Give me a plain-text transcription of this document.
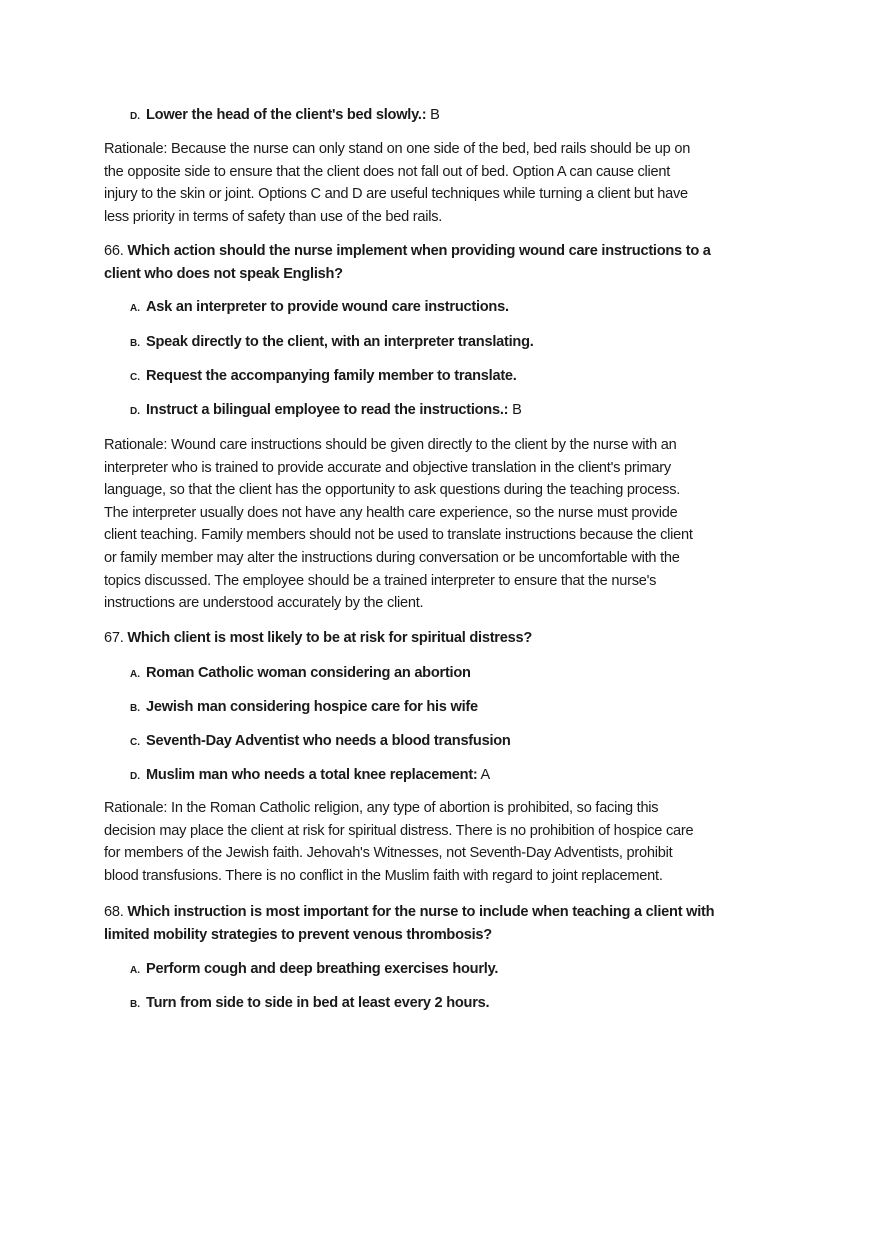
D. Lower the head of the client's bed slowly.: B
Rationale: Because the nurse can only stand on one side of the bed, bed rails should be up on
the opposite side to ensure that the client does not fall out of bed. Option A can cause client
injury to the skin or joint. Options C and D are useful techniques while turning a client but have
less priority in terms of safety than use of the bed rails.
66. Which action should the nurse implement when providing wound care instructions to a
client who does not speak English?
A. Ask an interpreter to provide wound care instructions.
B. Speak directly to the client, with an interpreter translating.
C. Request the accompanying family member to translate.
D. Instruct a bilingual employee to read the instructions.: B
Rationale: Wound care instructions should be given directly to the client by the nurse with an
interpreter who is trained to provide accurate and objective translation in the client's primary
language, so that the client has the opportunity to ask questions during the teaching process.
The interpreter usually does not have any health care experience, so the nurse must provide
client teaching. Family members should not be used to translate instructions because the client
or family member may alter the instructions during conversation or be uncomfortable with the
topics discussed. The employee should be a trained interpreter to ensure that the nurse's
instructions are understood accurately by the client.
67. Which client is most likely to be at risk for spiritual distress?
A. Roman Catholic woman considering an abortion
B. Jewish man considering hospice care for his wife
C. Seventh-Day Adventist who needs a blood transfusion
D. Muslim man who needs a total knee replacement: A
Rationale: In the Roman Catholic religion, any type of abortion is prohibited, so facing this
decision may place the client at risk for spiritual distress. There is no prohibition of hospice care
for members of the Jewish faith. Jehovah's Witnesses, not Seventh-Day Adventists, prohibit
blood transfusions. There is no conflict in the Muslim faith with regard to joint replacement.
68. Which instruction is most important for the nurse to include when teaching a client with
limited mobility strategies to prevent venous thrombosis?
A. Perform cough and deep breathing exercises hourly.
B. Turn from side to side in bed at least every 2 hours.
